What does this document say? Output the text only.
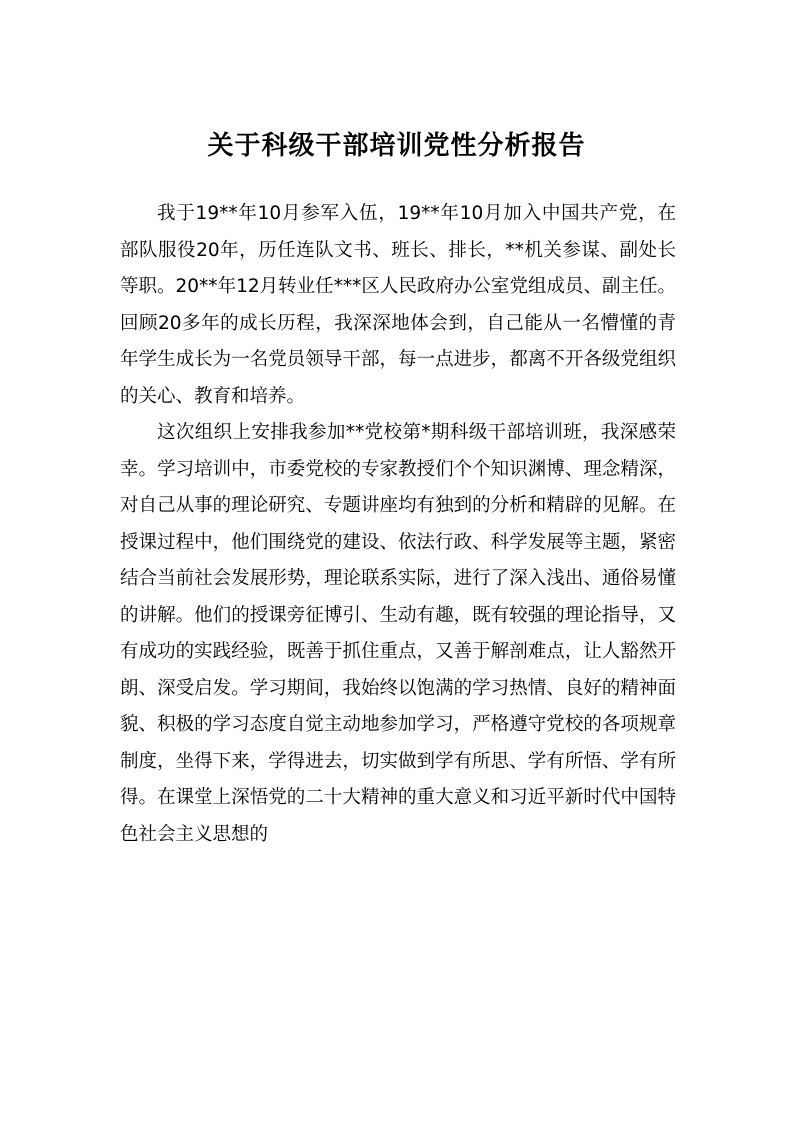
关于科级干部培训党性分析报告

我于19**年10月参军入伍，19**年10月加入中国共产党，在部队服役20年，历任连队文书、班长、排长，**机关参谋、副处长等职。20**年12月转业任***区人民政府办公室党组成员、副主任。回顾20多年的成长历程，我深深地体会到，自己能从一名懵懂的青年学生成长为一名党员领导干部，每一点进步，都离不开各级党组织的关心、教育和培养。

这次组织上安排我参加**党校第*期科级干部培训班，我深感荣幸。学习培训中，市委党校的专家教授们个个知识渊博、理念精深，对自己从事的理论研究、专题讲座均有独到的分析和精辟的见解。在授课过程中，他们围绕党的建设、依法行政、科学发展等主题，紧密结合当前社会发展形势，理论联系实际，进行了深入浅出、通俗易懂的讲解。他们的授课旁征博引、生动有趣，既有较强的理论指导，又有成功的实践经验，既善于抓住重点，又善于解剖难点，让人豁然开朗、深受启发。学习期间，我始终以饱满的学习热情、良好的精神面貌、积极的学习态度自觉主动地参加学习，严格遵守党校的各项规章制度，坐得下来，学得进去，切实做到学有所思、学有所悟、学有所得。在课堂上深悟党的二十大精神的重大意义和习近平新时代中国特色社会主义思想的
